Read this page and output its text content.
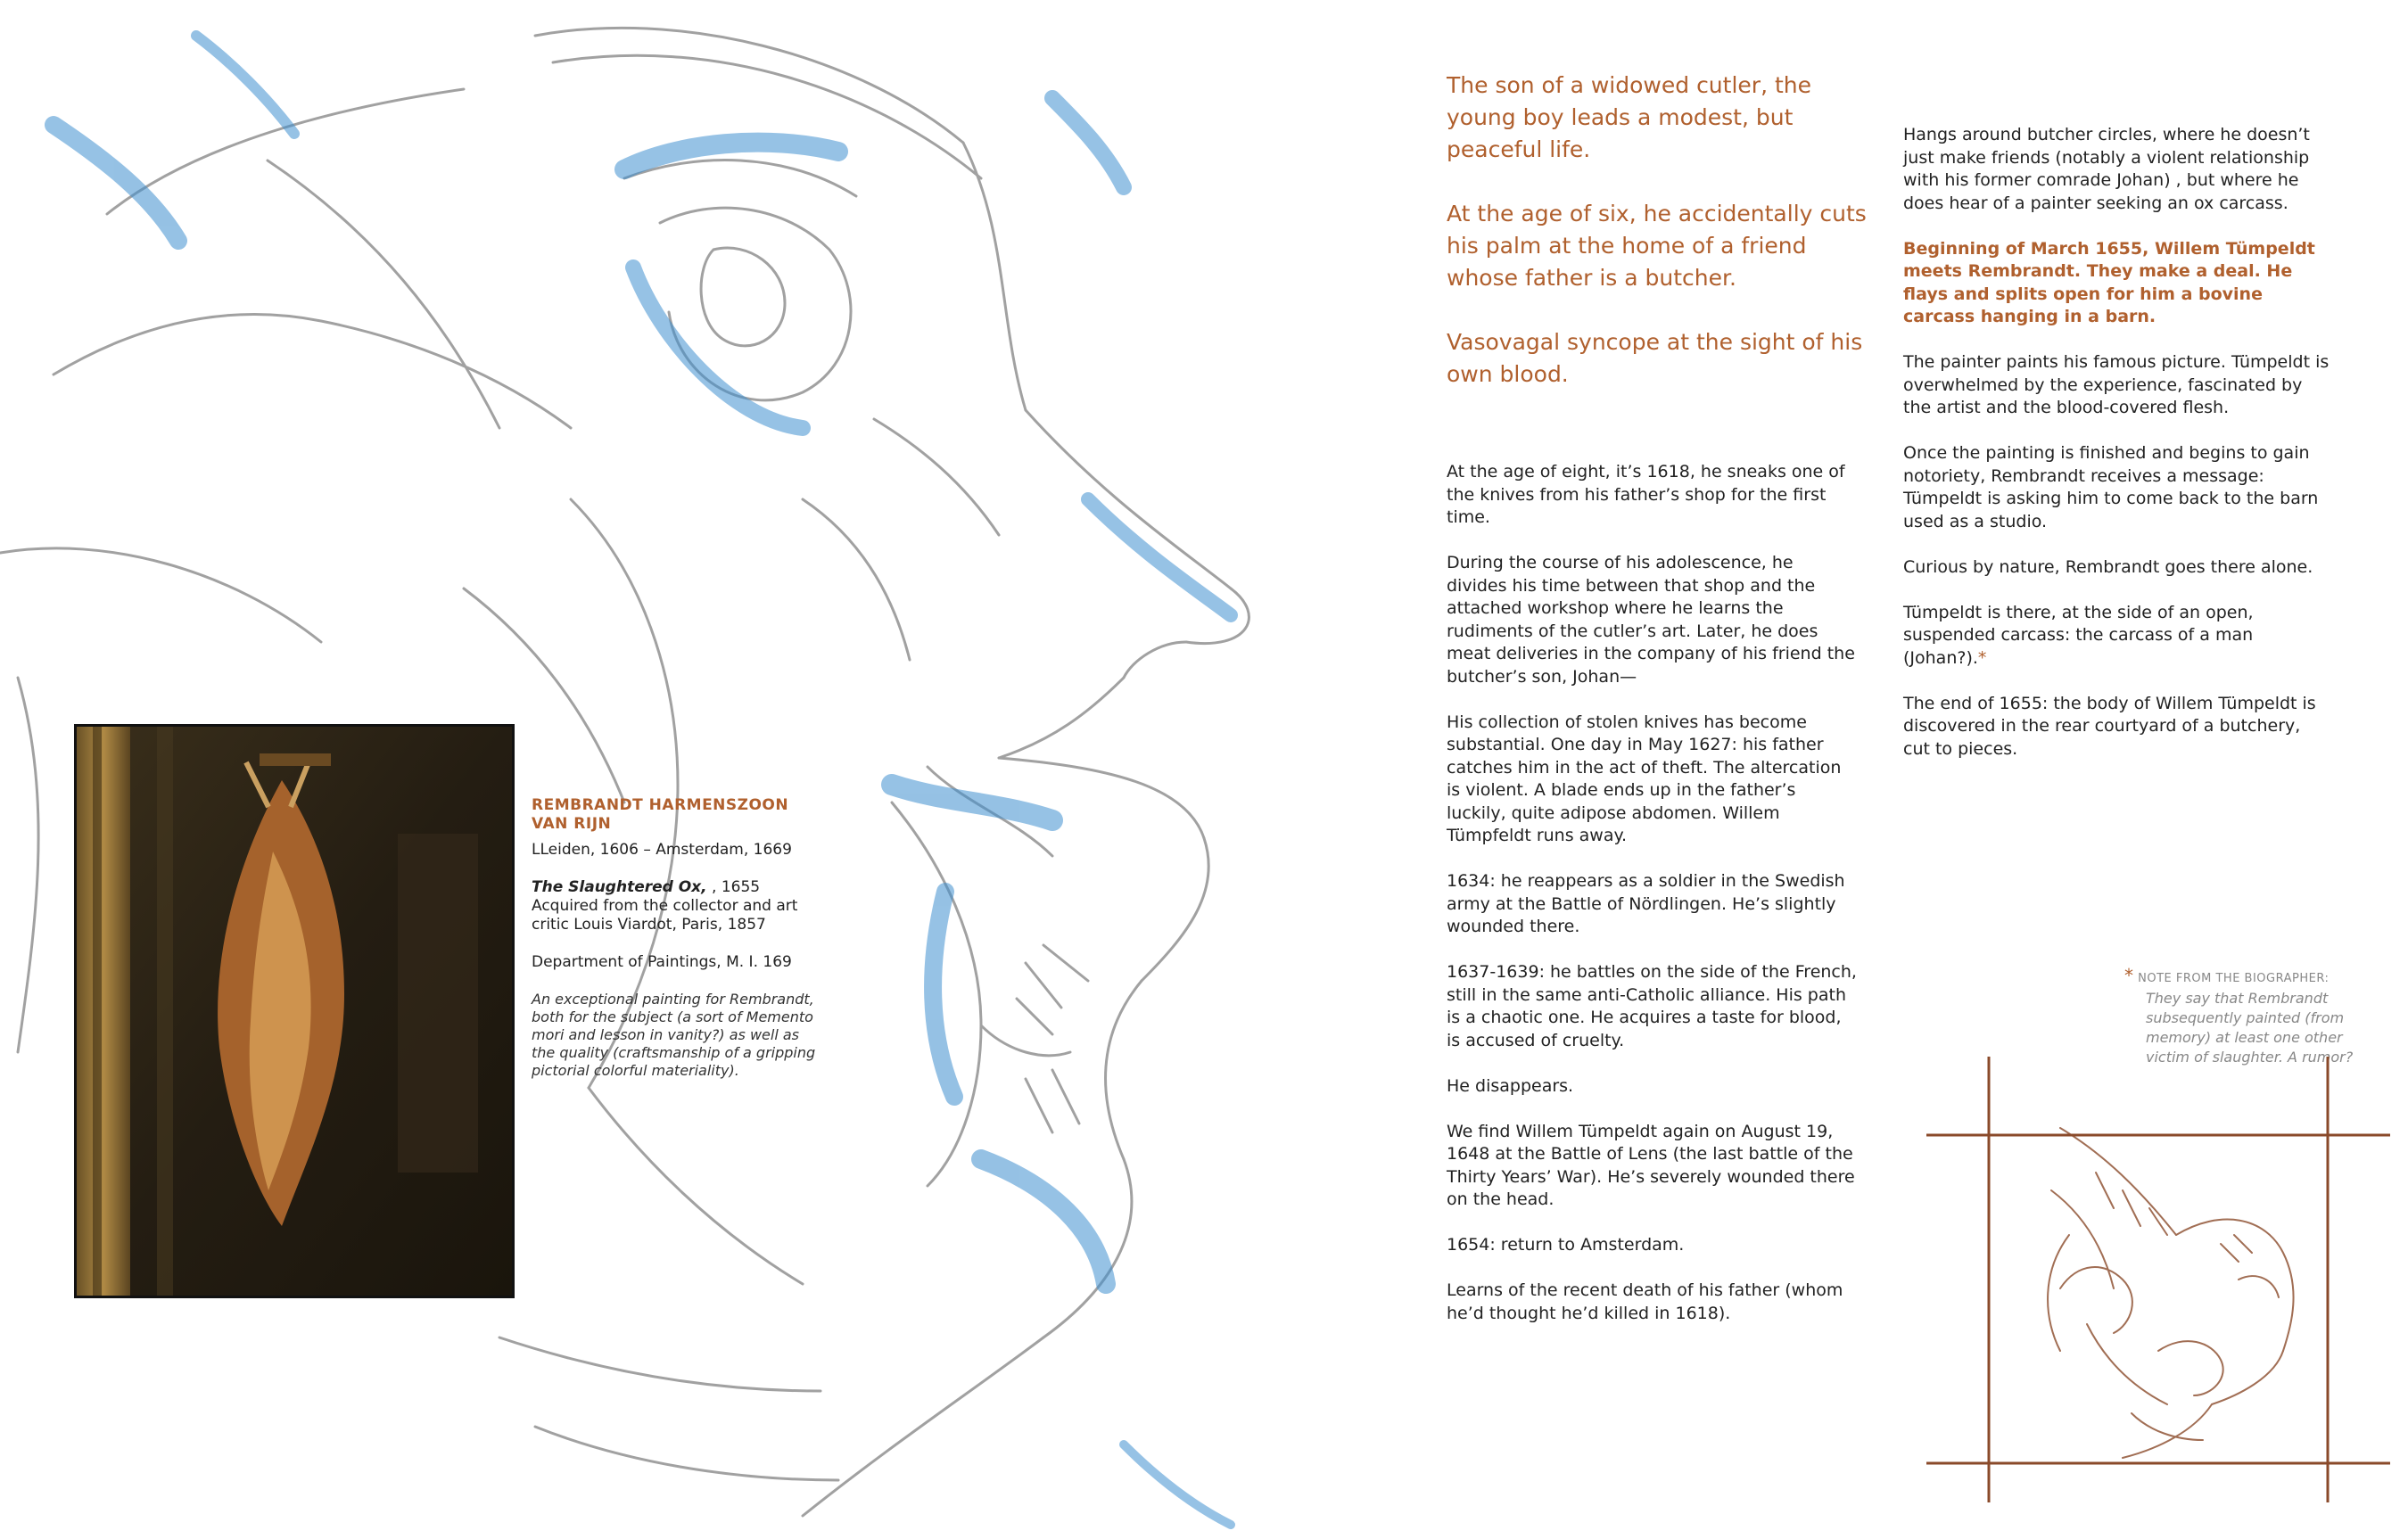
REMBRANDT HARMENSZOON VAN RIJN

LLeiden, 1606 – Amsterdam, 1669

The Slaughtered Ox, , 1655

Acquired from the collector and art critic Louis Viardot, Paris, 1857

Department of Paintings, M. I. 169

An exceptional painting for Rembrandt, both for the subject (a sort of Memento mori and lesson in vanity?) as well as the quality (craftsmanship of a gripping pictorial colorful materiality).

The son of a widowed cutler, the young boy leads a modest, but peaceful life.

At the age of six, he accidentally cuts his palm at the home of a friend whose father is a butcher.

Vasovagal syncope at the sight of his own blood.

At the age of eight, it’s 1618, he sneaks one of the knives from his father’s shop for the first time.

During the course of his adolescence, he divides his time between that shop and the attached workshop where he learns the rudiments of the cutler’s art. Later, he does meat deliveries in the company of his friend the butcher’s son, Johan—

His collection of stolen knives has become substantial. One day in May 1627: his father catches him in the act of theft. The altercation is violent. A blade ends up in the father’s luckily, quite adipose abdomen. Willem Tümpfeldt runs away.

1634: he reappears as a soldier in the Swedish army at the Battle of Nördlingen. He’s slightly wounded there.

1637-1639: he battles on the side of the French, still in the same anti-Catholic alliance. His path is a chaotic one. He acquires a taste for blood, is accused of cruelty.

He disappears.

We find Willem Tümpeldt again on August 19, 1648 at the Battle of Lens (the last battle of the Thirty Years’ War). He’s severely wounded there on the head.

1654: return to Amsterdam.

Learns of the recent death of his father (whom he’d thought he’d killed in 1618).

Hangs around butcher circles, where he doesn’t just make friends (notably a violent relationship with his former comrade Johan) , but where he does hear of a painter seeking an ox carcass.

Beginning of March 1655, Willem Tümpeldt meets Rembrandt. They make a deal. He flays and splits open for him a bovine carcass hanging in a barn.

The painter paints his famous picture. Tümpeldt is overwhelmed by the experience, fascinated by the artist and the blood-covered flesh.

Once the painting is finished and begins to gain notoriety, Rembrandt receives a message: Tümpeldt is asking him to come back to the barn used as a studio.

Curious by nature, Rembrandt goes there alone.

Tümpeldt is there, at the side of an open, suspended carcass: the carcass of a man (Johan?).*

The end of 1655: the body of Willem Tümpeldt is discovered in the rear courtyard of a butchery, cut to pieces.

* NOTE FROM THE BIOGRAPHER:
They say that Rembrandt subsequently painted (from memory) at least one other victim of slaughter. A rumor?
